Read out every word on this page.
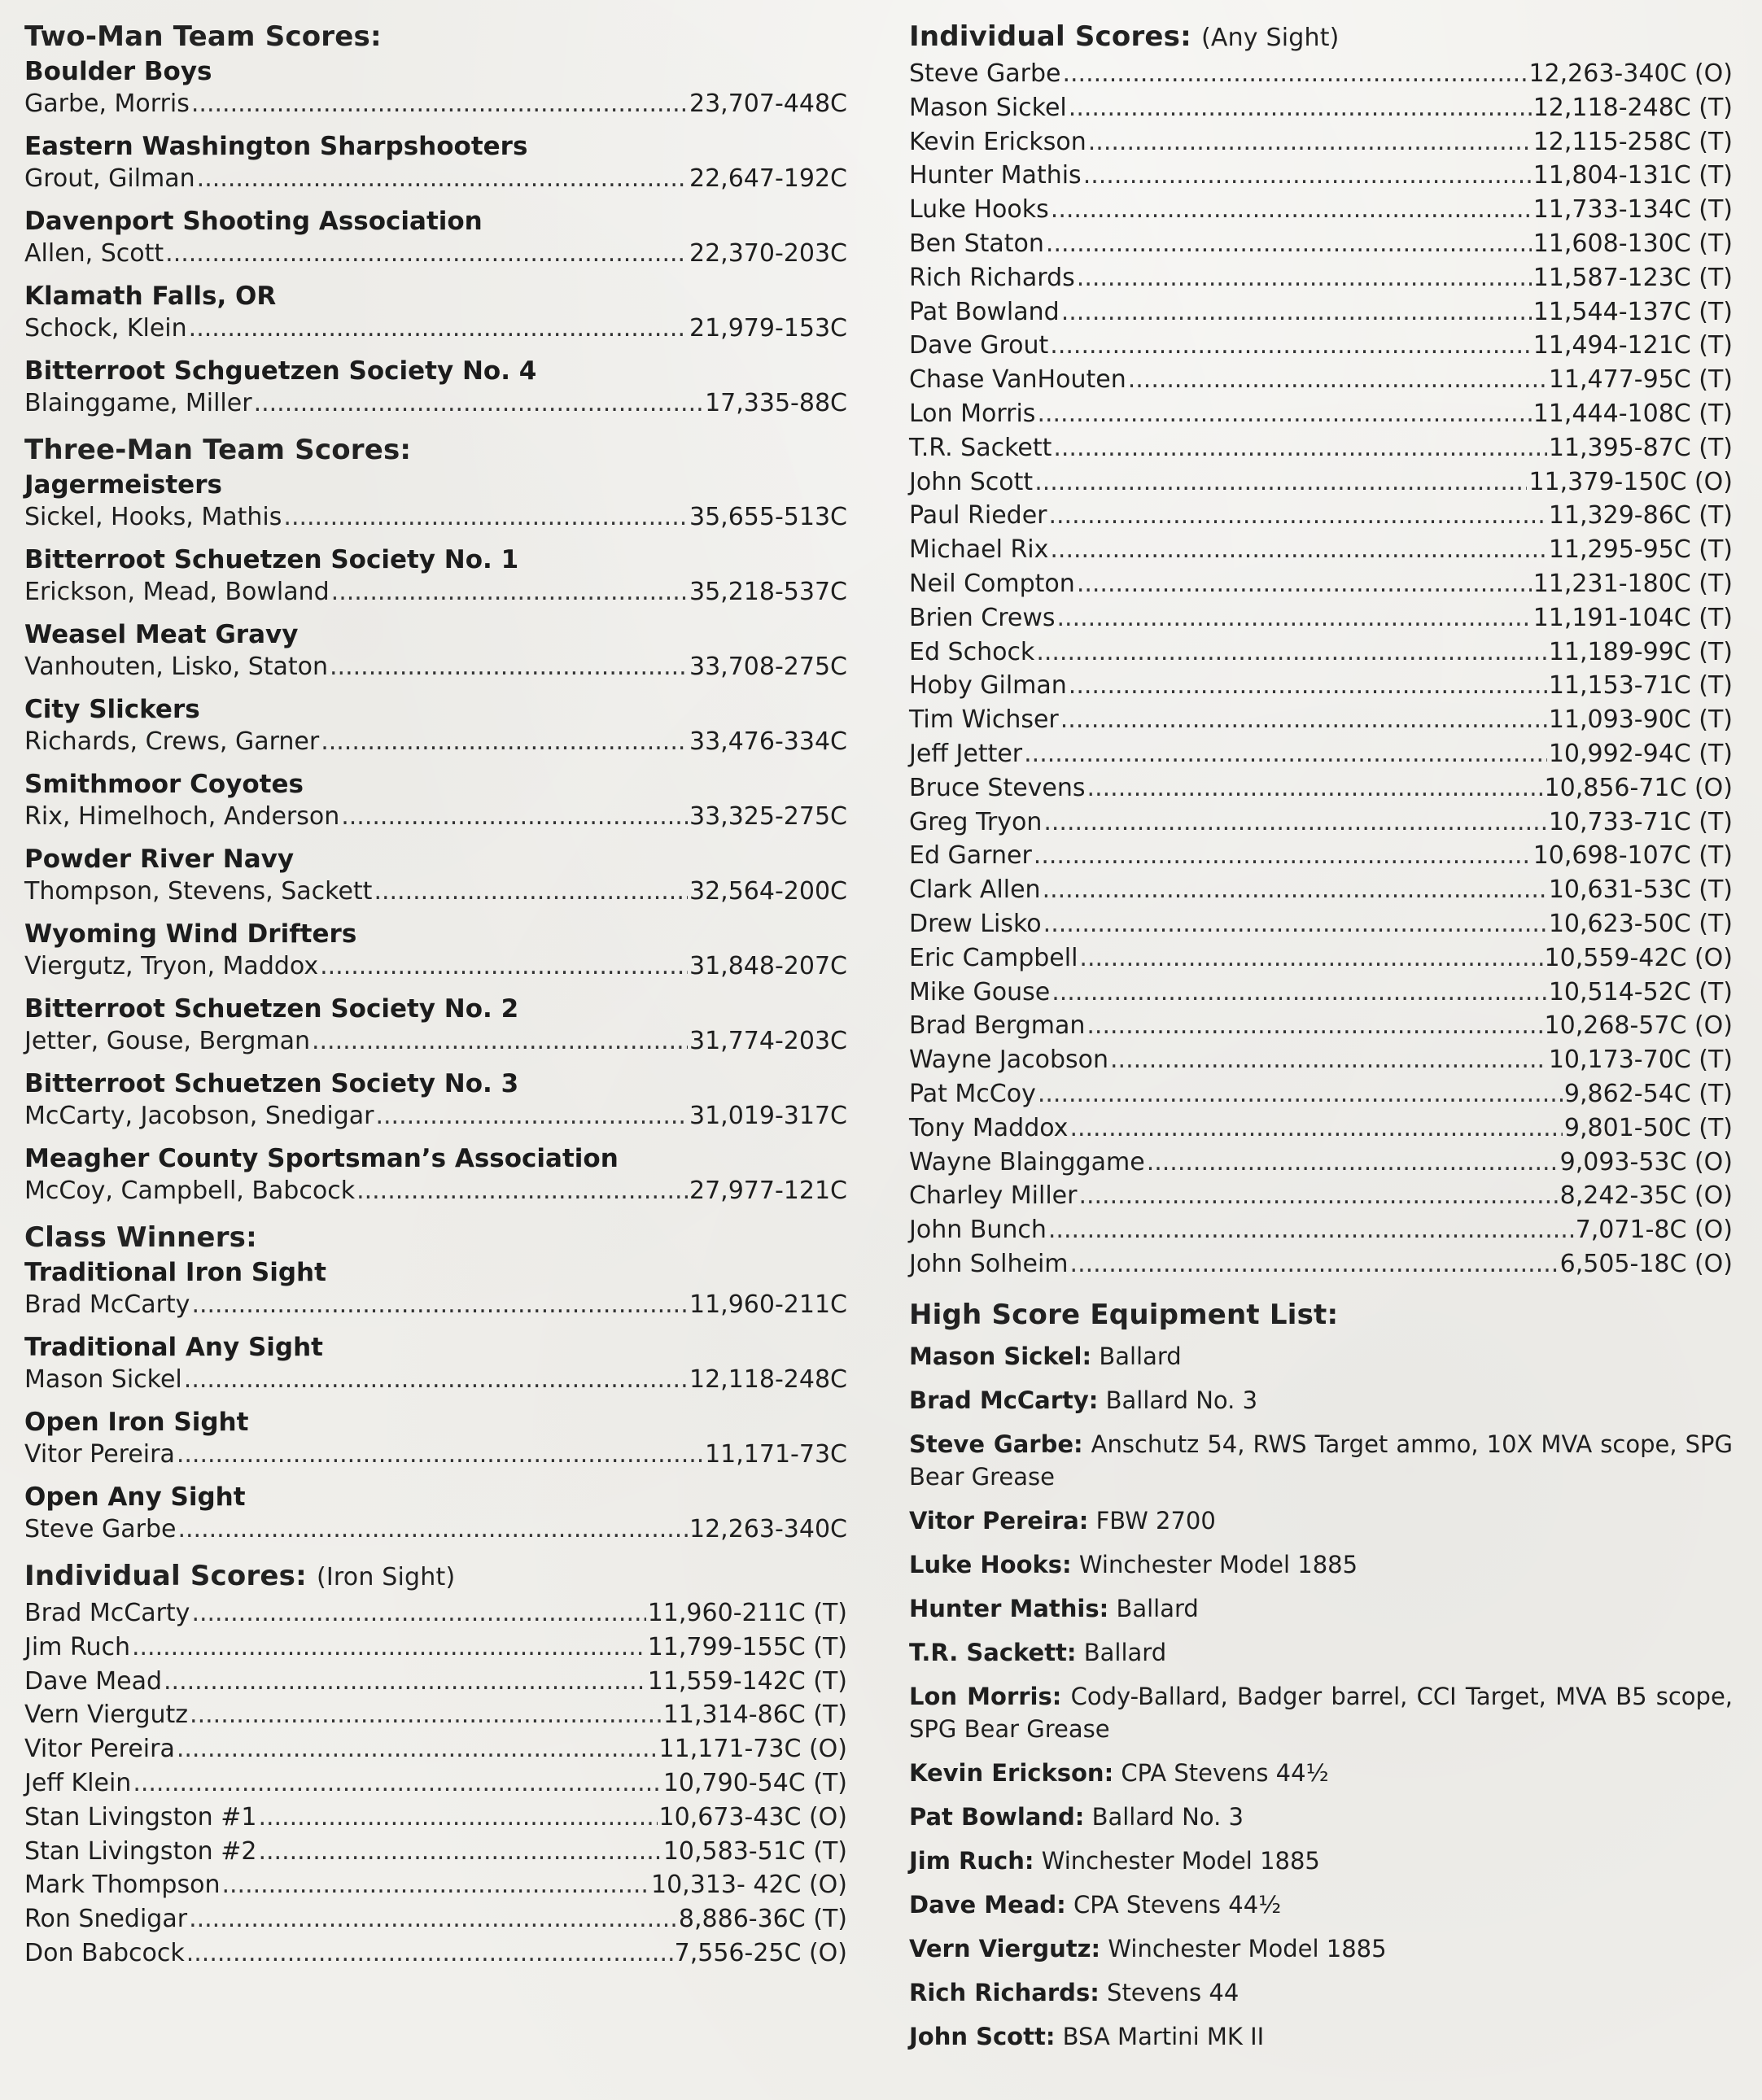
Two-Man Team Scores:
Boulder Boys
Garbe, Morris .....	23,707-448C
Eastern Washington Sharpshooters
Grout, Gilman .....	22,647-192C
Davenport Shooting Association
Allen, Scott .....	22,370-203C
Klamath Falls, OR
Schock, Klein .....	21,979-153C
Bitterroot Schguetzen Society No. 4
Blainggame, Miller .....	17,335-88C
Three-Man Team Scores:
Jagermeisters
Sickel, Hooks, Mathis .....	35,655-513C
Bitterroot Schuetzen Society No. 1
Erickson, Mead, Bowland .....	35,218-537C
Weasel Meat Gravy
Vanhouten, Lisko, Staton .....	33,708-275C
City Slickers
Richards, Crews, Garner .....	33,476-334C
Smithmoor Coyotes
Rix, Himelhoch, Anderson .....	33,325-275C
Powder River Navy
Thompson, Stevens, Sackett .....	32,564-200C
Wyoming Wind Drifters
Viergutz, Tryon, Maddox .....	31,848-207C
Bitterroot Schuetzen Society No. 2
Jetter, Gouse, Bergman .....	31,774-203C
Bitterroot Schuetzen Society No. 3
McCarty, Jacobson, Snedigar .....	31,019-317C
Meagher County Sportsman’s Association
McCoy, Campbell, Babcock .....	27,977-121C
Class Winners:
Traditional Iron Sight
Brad McCarty .....	11,960-211C
Traditional Any Sight
Mason Sickel .....	12,118-248C
Open Iron Sight
Vitor Pereira .....	11,171-73C
Open Any Sight
Steve Garbe .....	12,263-340C
Individual Scores: (Iron Sight)
Brad McCarty .....	11,960-211C (T)
Jim Ruch .....	11,799-155C (T)
Dave Mead .....	11,559-142C (T)
Vern Viergutz .....	11,314-86C (T)
Vitor Pereira .....	11,171-73C (O)
Jeff Klein .....	10,790-54C (T)
Stan Livingston #1 .....	10,673-43C (O)
Stan Livingston #2 .....	10,583-51C (T)
Mark Thompson .....	10,313- 42C (O)
Ron Snedigar .....	8,886-36C (T)
Don Babcock .....	7,556-25C (O)
Individual Scores: (Any Sight)
Steve Garbe .....	12,263-340C (O)
Mason Sickel .....	12,118-248C (T)
Kevin Erickson .....	12,115-258C (T)
Hunter Mathis .....	11,804-131C (T)
Luke Hooks .....	11,733-134C (T)
Ben Staton .....	11,608-130C (T)
Rich Richards .....	11,587-123C (T)
Pat Bowland .....	11,544-137C (T)
Dave Grout .....	11,494-121C (T)
Chase VanHouten .....	11,477-95C (T)
Lon Morris .....	11,444-108C (T)
T.R. Sackett .....	11,395-87C (T)
John Scott .....	11,379-150C (O)
Paul Rieder .....	11,329-86C (T)
Michael Rix .....	11,295-95C (T)
Neil Compton .....	11,231-180C (T)
Brien Crews .....	11,191-104C (T)
Ed Schock .....	11,189-99C (T)
Hoby Gilman .....	11,153-71C (T)
Tim Wichser .....	11,093-90C (T)
Jeff Jetter .....	10,992-94C (T)
Bruce Stevens .....	10,856-71C (O)
Greg Tryon .....	10,733-71C (T)
Ed Garner .....	10,698-107C (T)
Clark Allen .....	10,631-53C (T)
Drew Lisko .....	10,623-50C (T)
Eric Campbell .....	10,559-42C (O)
Mike Gouse .....	10,514-52C (T)
Brad Bergman .....	10,268-57C (O)
Wayne Jacobson .....	10,173-70C (T)
Pat McCoy .....	9,862-54C (T)
Tony Maddox .....	9,801-50C (T)
Wayne Blainggame .....	9,093-53C (O)
Charley Miller .....	8,242-35C (O)
John Bunch .....	7,071-8C (O)
John Solheim .....	6,505-18C (O)
High Score Equipment List:
Mason Sickel: Ballard
Brad McCarty: Ballard No. 3
Steve Garbe: Anschutz 54, RWS Target ammo, 10X MVA scope, SPG Bear Grease
Vitor Pereira: FBW 2700
Luke Hooks: Winchester Model 1885
Hunter Mathis: Ballard
T.R. Sackett: Ballard
Lon Morris: Cody-Ballard, Badger barrel, CCI Target, MVA B5 scope, SPG Bear Grease
Kevin Erickson: CPA Stevens 44½
Pat Bowland: Ballard No. 3
Jim Ruch: Winchester Model 1885
Dave Mead: CPA Stevens 44½
Vern Viergutz: Winchester Model 1885
Rich Richards: Stevens 44
John Scott: BSA Martini MK II
